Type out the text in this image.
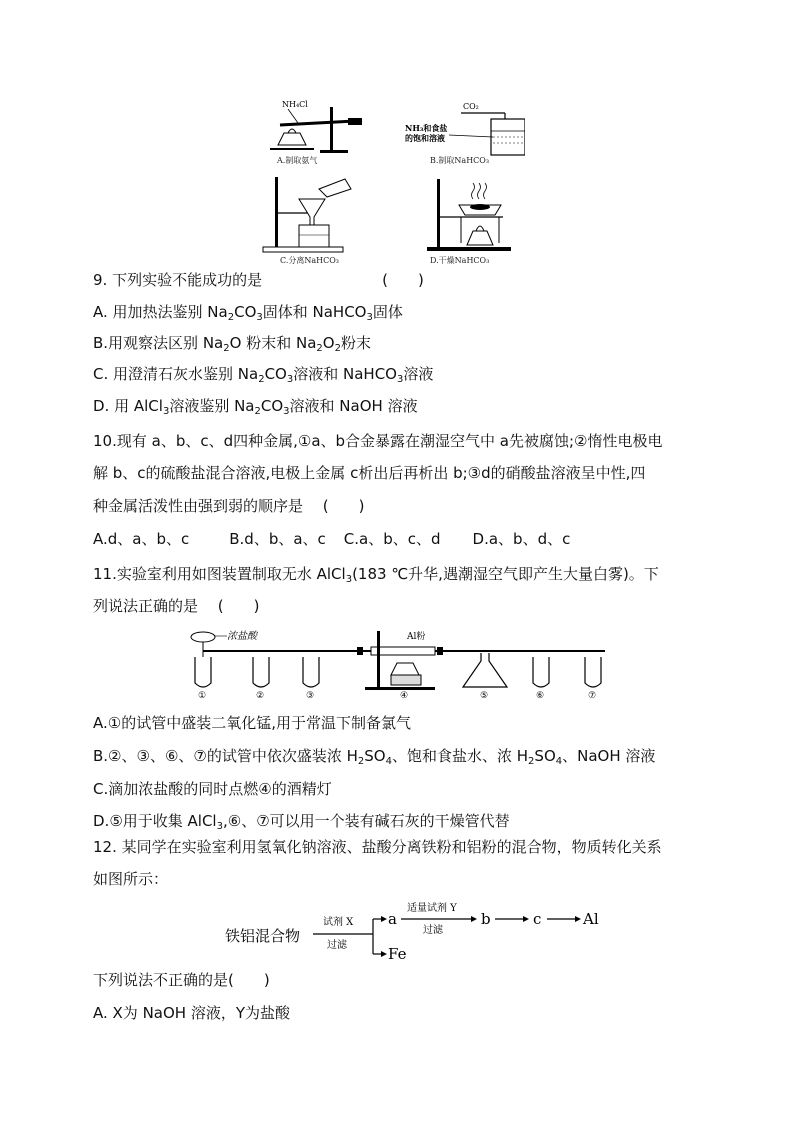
NH₄Cl
A.制取氨气
CO₂
NH₃和食盐
的饱和溶液
B.制取NaHCO₃
C.分离NaHCO₃	D.干燥NaHCO₃
9. 下列实验不能成功的是	(　　)
A. 用加热法鉴别 $Na_2CO_3$固体和 NaHCO$_3$固体
B.用观察法区别 $Na_2O$ 粉末和 $Na_2O_2$粉末
C. 用澄清石灰水鉴别 $Na_2CO_3$溶液和 NaHCO$_3$溶液
D. 用 AlCl$_3$溶液鉴别 $Na_2CO_3$溶液和 NaOH 溶液
10.现有 a、b、c、d四种金属,①a、b合金暴露在潮湿空气中 a先被腐蚀;②惰性电极电
解 b、c的硫酸盐混合溶液,电极上金属 c析出后再析出 b;③d的硝酸盐溶液呈中性,四
种金属活泼性由强到弱的顺序是　 (　　)
A.d、a、b、c	B.d、b、a、c C.a、b、c、d D.a、b、d、c
11.实验室利用如图装置制取无水 AlCl$_3$(183 ℃升华,遇潮湿空气即产生大量白雾)。下
列说法正确的是　 (　　)
浓盐酸	Al粉
①	②	③	④	⑤	⑥	⑦
A.①的试管中盛装二氧化锰,用于常温下制备氯气
B.②、③、⑥、⑦的试管中依次盛装浓 $H_2SO_4$、饱和食盐水、浓 $H_2SO_4$、NaOH 溶液
C.滴加浓盐酸的同时点燃④的酒精灯
D.⑤用于收集 AlCl$_3$,⑥、⑦可以用一个装有碱石灰的干燥管代替
12. 某同学在实验室利用氢氧化钠溶液、盐酸分离铁粉和铝粉的混合物，物质转化关系
如图所示：
铁铝混合物
试剂 X
过滤
a
Fe
适量试剂 Y
过滤
b	c	Al
下列说法不正确的是(　　)
A. X为 NaOH 溶液，Y为盐酸
